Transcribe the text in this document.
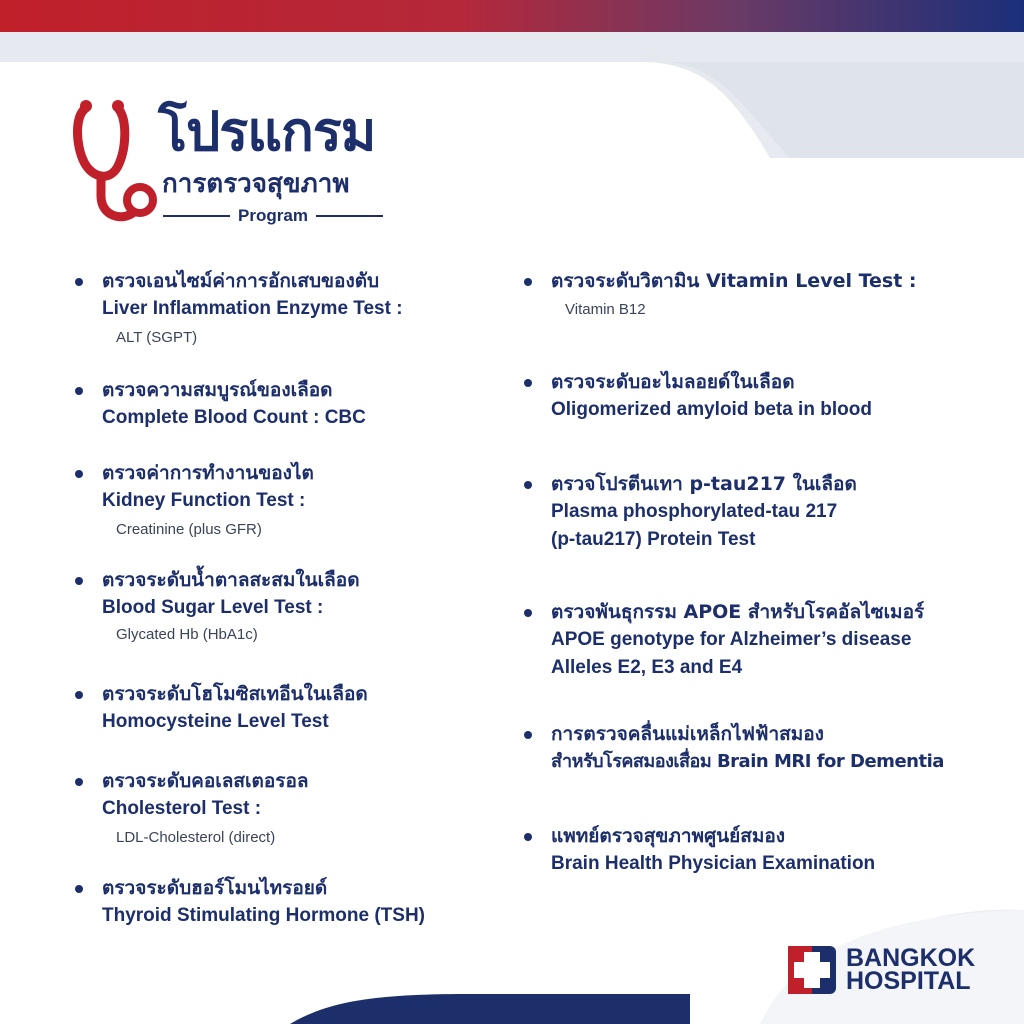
โปรแกรม
การตรวจสุขภาพ
Program
ตรวจเอนไซม์ค่าการอักเสบของตับ
Liver Inflammation Enzyme Test :
ALT (SGPT)
ตรวจความสมบูรณ์ของเลือด
Complete Blood Count : CBC
ตรวจค่าการทำงานของไต
Kidney Function Test :
Creatinine (plus GFR)
ตรวจระดับน้ำตาลสะสมในเลือด
Blood Sugar Level Test :
Glycated Hb (HbA1c)
ตรวจระดับโฮโมซิสเทอีนในเลือด
Homocysteine Level Test
ตรวจระดับคอเลสเตอรอล
Cholesterol Test :
LDL-Cholesterol (direct)
ตรวจระดับฮอร์โมนไทรอยด์
Thyroid Stimulating Hormone (TSH)
ตรวจระดับวิตามิน Vitamin Level Test :
Vitamin B12
ตรวจระดับอะไมลอยด์ในเลือด
Oligomerized amyloid beta in blood
ตรวจโปรตีนเทา p-tau217 ในเลือด
Plasma phosphorylated-tau 217
(p-tau217) Protein Test
ตรวจพันธุกรรม APOE สำหรับโรคอัลไซเมอร์
APOE genotype for Alzheimer’s disease
Alleles E2, E3 and E4
การตรวจคลื่นแม่เหล็กไฟฟ้าสมอง
สำหรับโรคสมองเสื่อม Brain MRI for Dementia
แพทย์ตรวจสุขภาพศูนย์สมอง
Brain Health Physician Examination
BANGKOK
HOSPITAL
